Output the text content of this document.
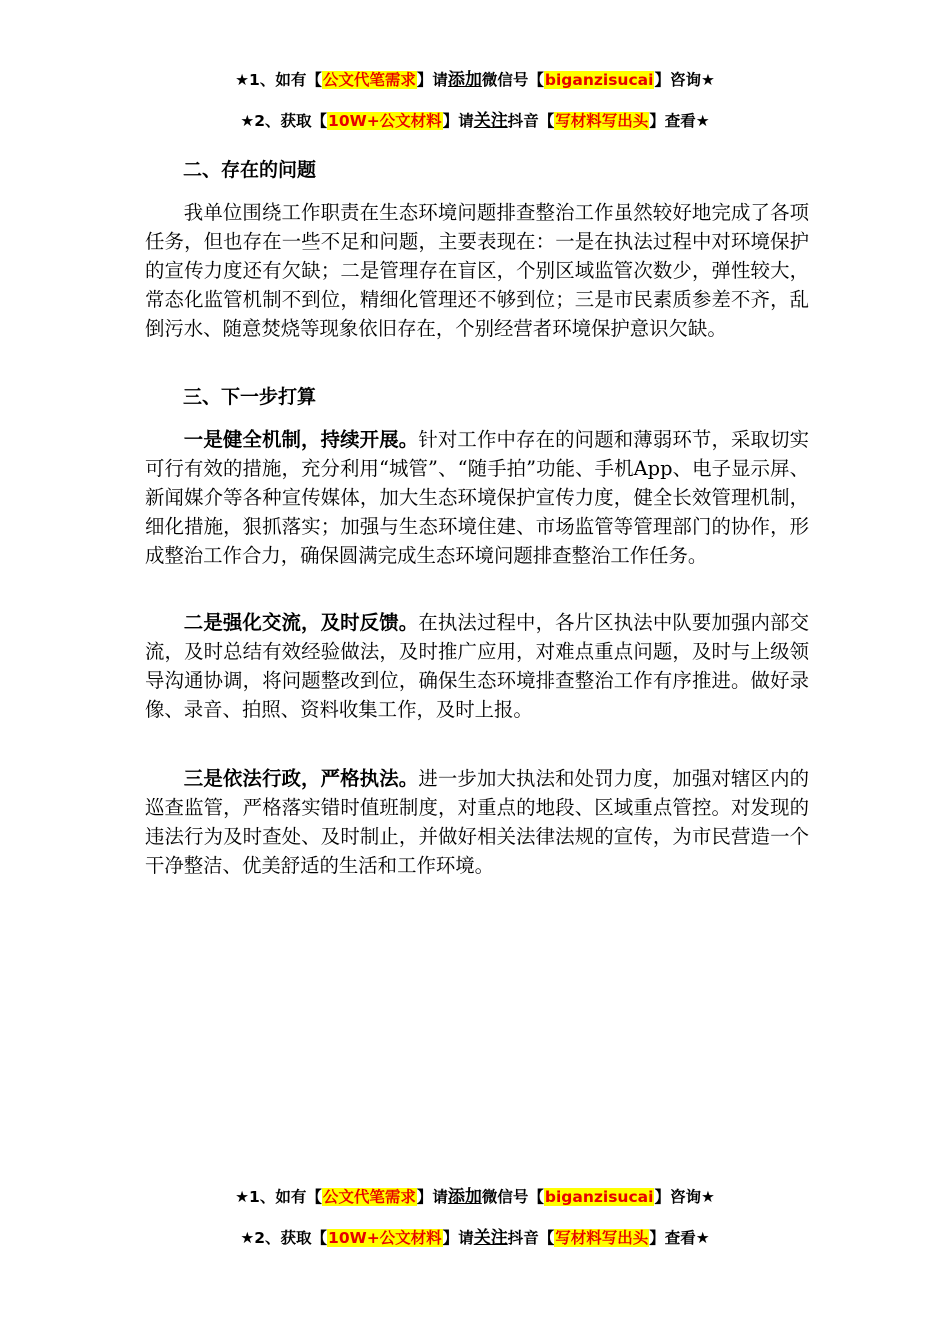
★1、如有【公文代笔需求】请添加微信号【biganzisucai】咨询★
★2、获取【10W+公文材料】请关注抖音【写材料写出头】查看★
二、存在的问题

我单位围绕工作职责在生态环境问题排查整治工作虽然较好地完成了各项任务，但也存在一些不足和问题，主要表现在：一是在执法过程中对环境保护的宣传力度还有欠缺；二是管理存在盲区，个别区域监管次数少，弹性较大，常态化监管机制不到位，精细化管理还不够到位；三是市民素质参差不齐，乱倒污水、随意焚烧等现象依旧存在，个别经营者环境保护意识欠缺。

三、下一步打算

一是健全机制，持续开展。针对工作中存在的问题和薄弱环节，采取切实可行有效的措施，充分利用“城管”、“随手拍”功能、手机App、电子显示屏、新闻媒介等各种宣传媒体，加大生态环境保护宣传力度，健全长效管理机制，细化措施，狠抓落实；加强与生态环境住建、市场监管等管理部门的协作，形成整治工作合力，确保圆满完成生态环境问题排查整治工作任务。

二是强化交流，及时反馈。在执法过程中，各片区执法中队要加强内部交流，及时总结有效经验做法，及时推广应用，对难点重点问题，及时与上级领导沟通协调，将问题整改到位，确保生态环境排查整治工作有序推进。做好录像、录音、拍照、资料收集工作，及时上报。

三是依法行政，严格执法。进一步加大执法和处罚力度，加强对辖区内的巡查监管，严格落实错时值班制度，对重点的地段、区域重点管控。对发现的违法行为及时查处、及时制止，并做好相关法律法规的宣传，为市民营造一个干净整洁、优美舒适的生活和工作环境。

★1、如有【公文代笔需求】请添加微信号【biganzisucai】咨询★
★2、获取【10W+公文材料】请关注抖音【写材料写出头】查看★
